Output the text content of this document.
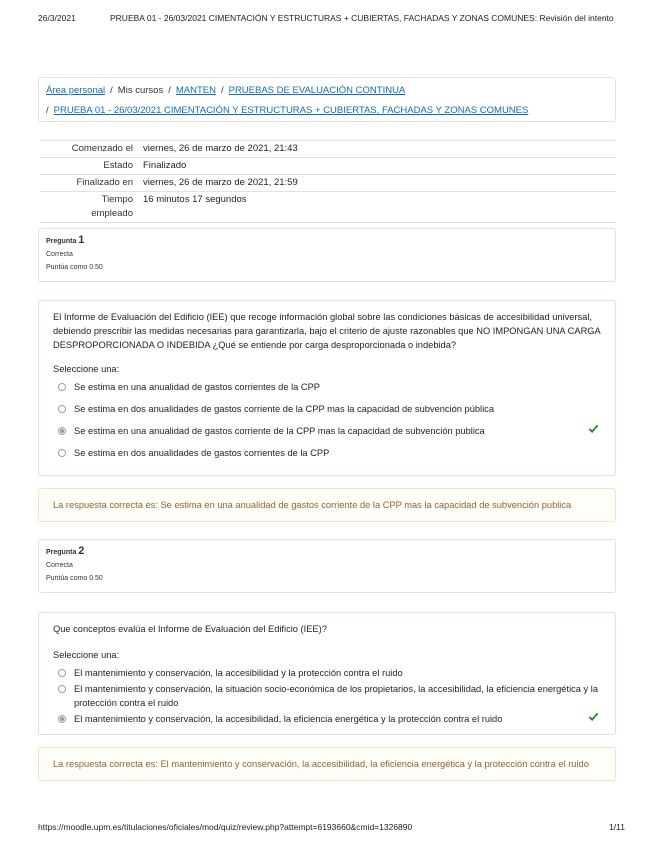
26/3/2021	PRUEBA 01 - 26/03/2021 CIMENTACIÓN Y ESTRUCTURAS + CUBIERTAS, FACHADAS Y ZONAS COMUNES: Revisión del intento
Área personal / Mis cursos / MANTEN / PRUEBAS DE EVALUACIÓN CONTINUA
/ PRUEBA 01 - 26/03/2021 CIMENTACIÓN Y ESTRUCTURAS + CUBIERTAS, FACHADAS Y ZONAS COMUNES
Comenzado el	viernes, 26 de marzo de 2021, 21:43
Estado	Finalizado
Finalizado en	viernes, 26 de marzo de 2021, 21:59
Tiempo empleado	16 minutos 17 segundos
Pregunta 1
Correcta
Puntúa como 0.50
El Informe de Evaluación del Edificio (IEE) que recoge información global sobre las condiciones básicas de accesibilidad universal, debiendo prescribir las medidas necesarias para garantizarla, bajo el criterio de ajuste razonables que NO IMPONGAN UNA CARGA DESPROPORCIONADA O INDEBIDA ¿Qué se entiende por carga desproporcionada o indebida?
Seleccione una:
Se estima en una anualidad de gastos corrientes de la CPP
Se estima en dos anualidades de gastos corriente de la CPP mas la capacidad de subvención pública
Se estima en una anualidad de gastos corriente de la CPP mas la capacidad de subvención publica
Se estima en dos anualidades de gastos corrientes de la CPP
La respuesta correcta es: Se estima en una anualidad de gastos corriente de la CPP mas la capacidad de subvención publica
Pregunta 2
Correcta
Puntúa como 0.50
Que conceptos evalúa el Informe de Evaluación del Edificio (IEE)?
Seleccione una:
El mantenimiento y conservación, la accesibilidad y la protección contra el ruido
El mantenimiento y conservación, la situación socio-económica de los propietarios, la accesibilidad, la eficiencia energética y la protección contra el ruido
El mantenimiento y conservación, la accesibilidad, la eficiencia energética y la protección contra el ruido
La respuesta correcta es: El mantenimiento y conservación, la accesibilidad, la eficiencia energética y la protección contra el ruido
https://moodle.upm.es/titulaciones/oficiales/mod/quiz/review.php?attempt=6193660&cmid=1326890	1/11
